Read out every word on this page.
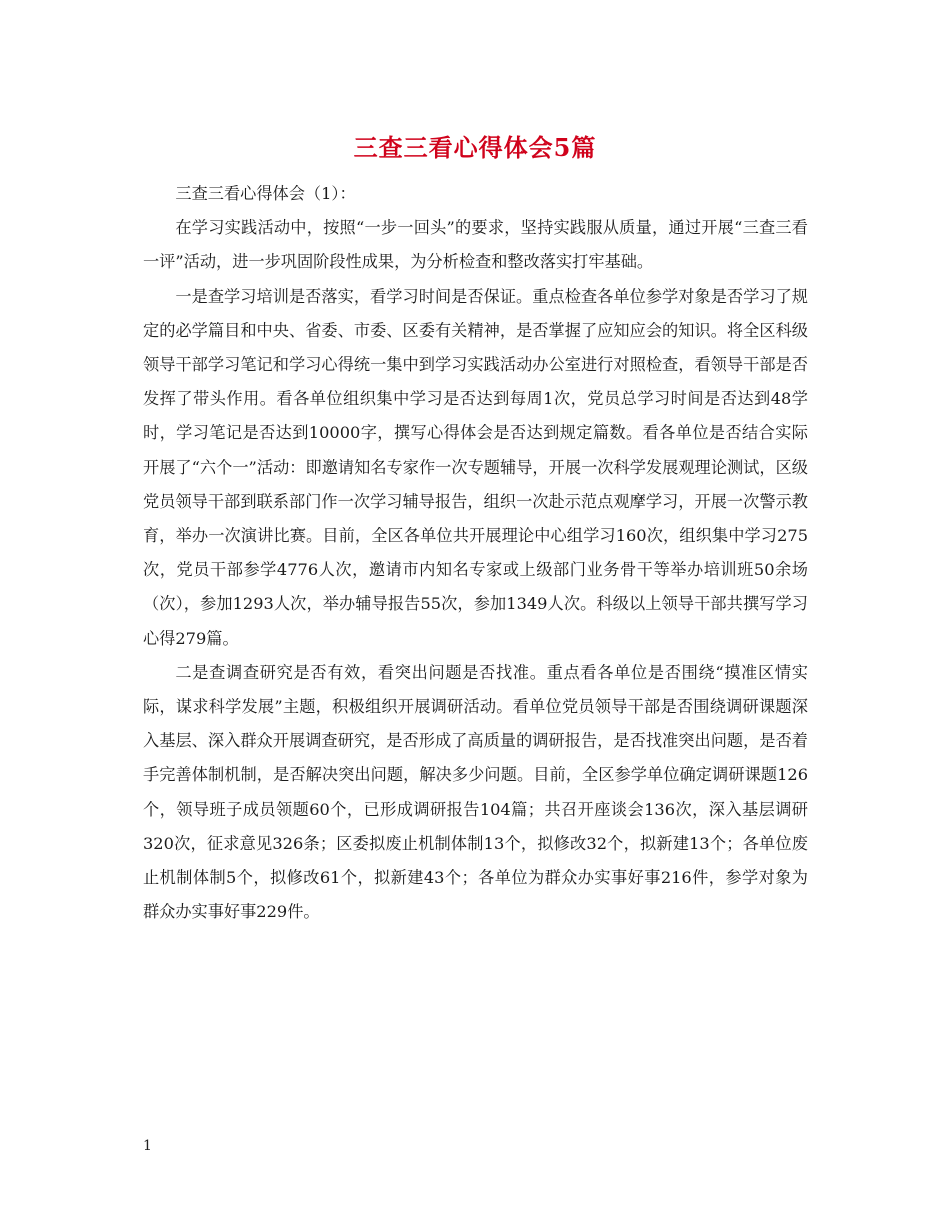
三查三看心得体会5篇

三查三看心得体会（1）：

在学习实践活动中，按照“一步一回头”的要求，坚持实践服从质量，通过开展“三查三看一评”活动，进一步巩固阶段性成果，为分析检查和整改落实打牢基础。

一是查学习培训是否落实，看学习时间是否保证。重点检查各单位参学对象是否学习了规定的必学篇目和中央、省委、市委、区委有关精神，是否掌握了应知应会的知识。将全区科级领导干部学习笔记和学习心得统一集中到学习实践活动办公室进行对照检查，看领导干部是否发挥了带头作用。看各单位组织集中学习是否达到每周1次，党员总学习时间是否达到48学时，学习笔记是否达到10000字，撰写心得体会是否达到规定篇数。看各单位是否结合实际开展了“六个一”活动：即邀请知名专家作一次专题辅导，开展一次科学发展观理论测试，区级党员领导干部到联系部门作一次学习辅导报告，组织一次赴示范点观摩学习，开展一次警示教育，举办一次演讲比赛。目前，全区各单位共开展理论中心组学习160次，组织集中学习275次，党员干部参学4776人次，邀请市内知名专家或上级部门业务骨干等举办培训班50余场（次），参加1293人次，举办辅导报告55次，参加1349人次。科级以上领导干部共撰写学习心得279篇。

二是查调查研究是否有效，看突出问题是否找准。重点看各单位是否围绕“摸准区情实际，谋求科学发展”主题，积极组织开展调研活动。看单位党员领导干部是否围绕调研课题深入基层、深入群众开展调查研究，是否形成了高质量的调研报告，是否找准突出问题，是否着手完善体制机制，是否解决突出问题，解决多少问题。目前，全区参学单位确定调研课题126个，领导班子成员领题60个，已形成调研报告104篇；共召开座谈会136次，深入基层调研320次，征求意见326条；区委拟废止机制体制13个，拟修改32个，拟新建13个；各单位废止机制体制5个，拟修改61个，拟新建43个；各单位为群众办实事好事216件，参学对象为群众办实事好事229件。

1
